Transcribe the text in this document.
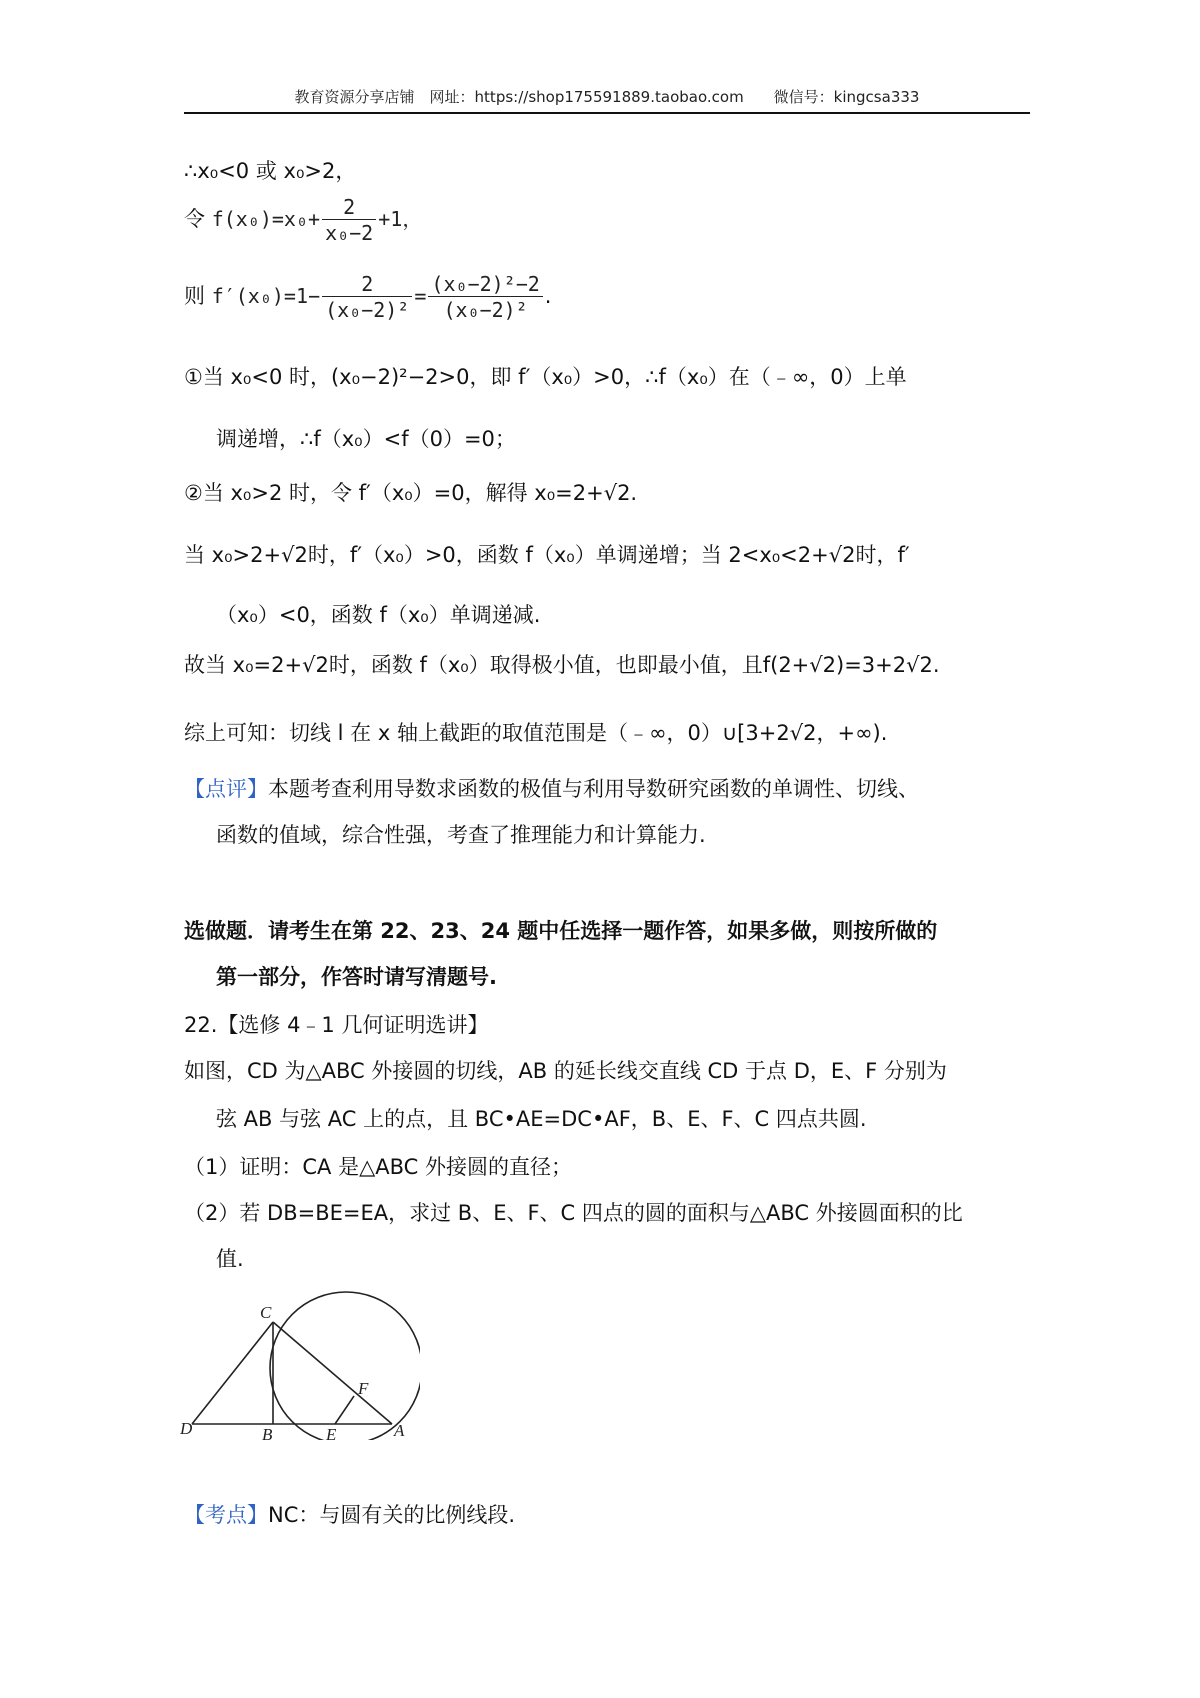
教育资源分享店铺　网址：https://shop175591889.taobao.com　　微信号：kingcsa333
∴x₀<0 或 x₀>2，
令 $f(x_0)=x_0+ \frac{2}{\text{x₀−2}} +1$，
则 $f'(x_0)=1- \frac{2}{\text{(x₀−2)²}} = \frac{\text{(x₀−2)²−2}}{\text{(x₀−2)²}}$ .
①当 x₀<0 时，(x₀−2)²−2>0，即 f′（x₀）>0，∴f（x₀）在（﹣∞，0）上单
调递增，∴f（x₀）<f（0）=0；
②当 x₀>2 时，令 f′（x₀）=0，解得 x₀=2+√2.
当 x₀>2+√2时，f′（x₀）>0，函数 f（x₀）单调递增；当 2<x₀<2+√2时，f′
（x₀）<0，函数 f（x₀）单调递减.
故当 x₀=2+√2时，函数 f（x₀）取得极小值，也即最小值，且f(2+√2)=3+2√2.
综上可知：切线 l 在 x 轴上截距的取值范围是（﹣∞，0）∪[3+2√2，+∞).
【点评】本题考查利用导数求函数的极值与利用导数研究函数的单调性、切线、
函数的值域，综合性强，考查了推理能力和计算能力.
选做题．请考生在第 22、23、24 题中任选择一题作答，如果多做，则按所做的
第一部分，作答时请写清题号.
22.【选修 4﹣1 几何证明选讲】
如图，CD 为△ABC 外接圆的切线，AB 的延长线交直线 CD 于点 D，E、F 分别为
弦 AB 与弦 AC 上的点，且 BC•AE=DC•AF，B、E、F、C 四点共圆.
（1）证明：CA 是△ABC 外接圆的直径；
（2）若 DB=BE=EA，求过 B、E、F、C 四点的圆的面积与△ABC 外接圆面积的比
值.
C
D	B	E	A
F
【考点】NC：与圆有关的比例线段.
